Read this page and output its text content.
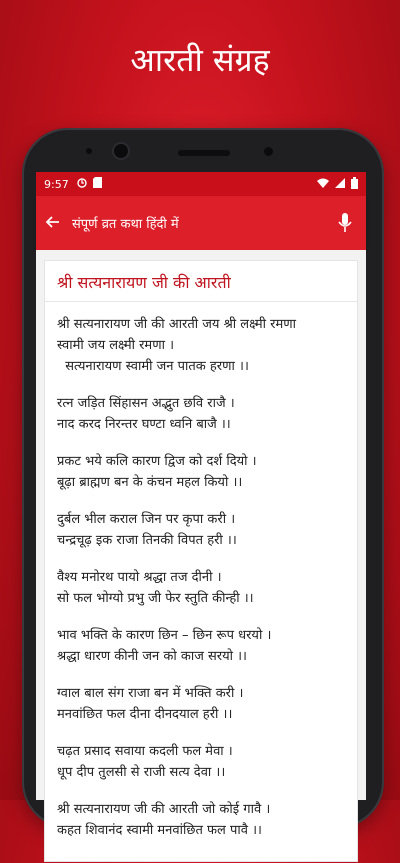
आरती संग्रह
9:57
संपूर्ण व्रत कथा हिंदी में
श्री सत्यनारायण जी की आरती
श्री सत्यनारायण जी की आरती जय श्री लक्ष्मी रमणा
स्वामी जय लक्ष्मी रमणा ।
सत्यनारायण स्वामी जन पातक हरणा ।।
रत्न जड़ित सिंहासन अद्भुत छवि राजै ।
नाद करद निरन्तर घण्टा ध्वनि बाजै ।।
प्रकट भये कलि कारण द्विज को दर्श दियो ।
बूढ़ा ब्राह्मण बन के कंचन महल कियो ।।
दुर्बल भील कराल जिन पर कृपा करी ।
चन्द्रचूढ़ इक राजा तिनकी विपत हरी ।।
वैश्य मनोरथ पायो श्रद्धा तज दीनी ।
सो फल भोग्यो प्रभु जी फेर स्तुति कीन्ही ।।
भाव भक्ति के कारण छिन – छिन रूप धरयो ।
श्रद्धा धारण कीनी जन को काज सरयो ।।
ग्वाल बाल संग राजा बन में भक्ति करी ।
मनवांछित फल दीना दीनदयाल हरी ।।
चढ़त प्रसाद सवाया कदली फल मेवा ।
धूप दीप तुलसी से राजी सत्य देवा ।।
श्री सत्यनारायण जी की आरती जो कोई गावै ।
कहत शिवानंद स्वामी मनवांछित फल पावै ।।
